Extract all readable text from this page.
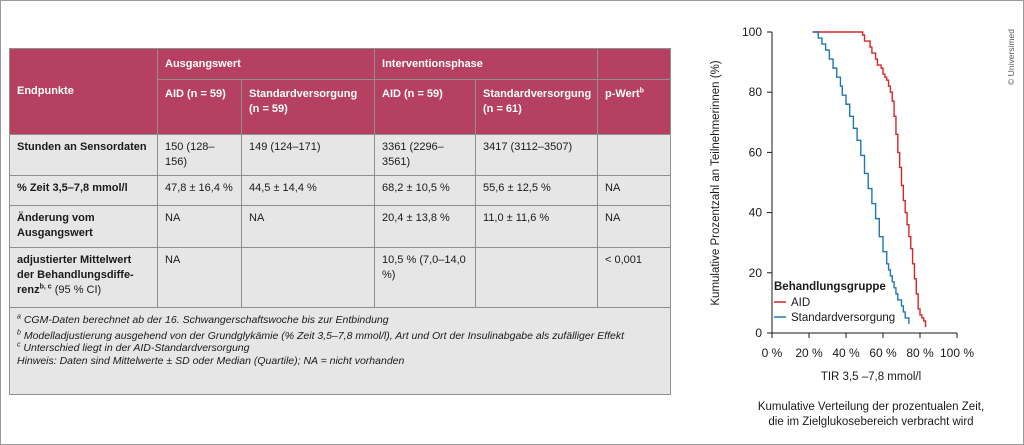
Endpunkte	Ausgangswert		Interventionsphase		
	AID (n = 59)	Standardversorgung (n = 59)	AID (n = 59)	Standardversorgung (n = 61)	p-Wert$^b$
Stunden an Sensordaten	150 (128–156)	149 (124–171)	3361 (2296–3561)	3417 (3112–3507)	
% Zeit 3,5–7,8 mmol/l	47,8 ± 16,4 %	44,5 ± 14,4 %	68,2 ± 10,5 %	55,6 ± 12,5 %	NA
Änderung vom Ausgangswert	NA	NA	20,4 ± 13,8 %	11,0 ± 11,6 %	NA
adjustierter Mittelwert der Behandlungsdiffe-renz$^{b, c}$ (95 % CI)	NA		10,5 % (7,0–14,0 %)		< 0,001

$^a$ CGM-Daten berechnet ab der 16. Schwangerschaftswoche bis zur Entbindung
$^b$ Modelladjustierung ausgehend von der Grundglykämie (% Zeit 3,5–7,8 mmol/l), Art und Ort der Insulinabgabe als zufälliger Effekt
$^c$ Unterschied liegt in der AID-Standardversorgung
Hinweis: Daten sind Mittelwerte ± SD oder Median (Quartile); NA = nicht vorhanden					
0
20
40
60
80
100
0 % 20 % 40 % 60 % 80 % 100 %
Kumulative Prozentzahl an Teilnehmerinnen (%)
TIR 3,5 –7,8 mmol/l
Kumulative Verteilung der prozentualen Zeit,
die im Zielglukosebereich verbracht wird
Behandlungsgruppe
AID
Standardversorgung
© Universimed
